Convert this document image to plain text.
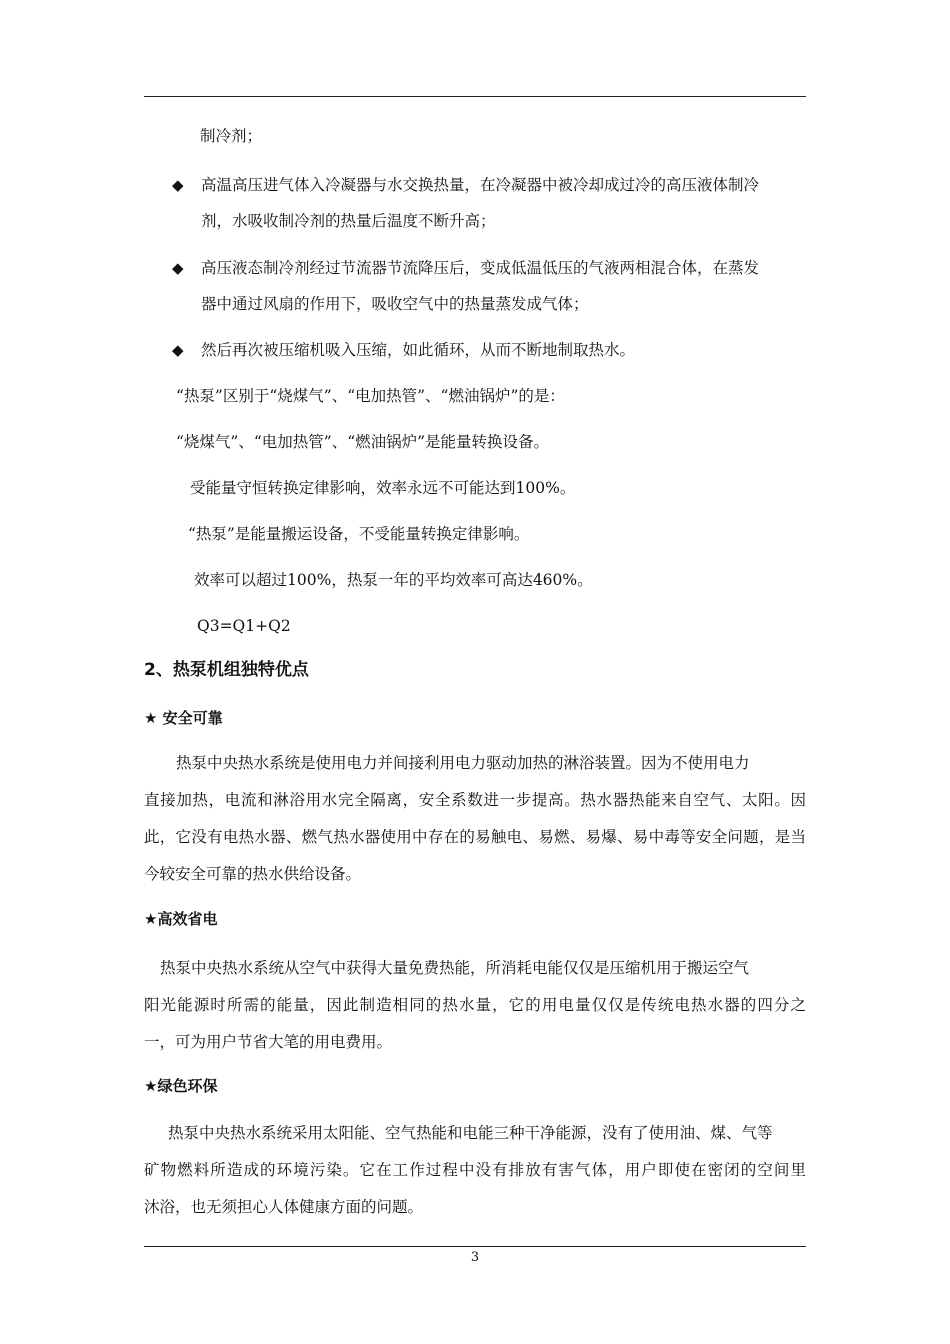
制冷剂；
◆ 高温高压进气体入冷凝器与水交换热量，在冷凝器中被冷却成过冷的高压液体制冷
剂，水吸收制冷剂的热量后温度不断升高；
◆ 高压液态制冷剂经过节流器节流降压后，变成低温低压的气液两相混合体，在蒸发
器中通过风扇的作用下，吸收空气中的热量蒸发成气体；
◆ 然后再次被压缩机吸入压缩，如此循环，从而不断地制取热水。
“热泵”区别于“烧煤气”、“电加热管”、“燃油锅炉”的是：
“烧煤气”、“电加热管”、“燃油锅炉”是能量转换设备。
受能量守恒转换定律影响，效率永远不可能达到100%。
“热泵”是能量搬运设备，不受能量转换定律影响。
效率可以超过100%，热泵一年的平均效率可高达460%。
Q3=Q1+Q2
2、热泵机组独特优点
★ 安全可靠
热泵中央热水系统是使用电力并间接利用电力驱动加热的淋浴装置。因为不使用电力
直接加热，电流和淋浴用水完全隔离，安全系数进一步提高。热水器热能来自空气、太阳。因
此，它没有电热水器、燃气热水器使用中存在的易触电、易燃、易爆、易中毒等安全问题，是当
今较安全可靠的热水供给设备。
★高效省电
热泵中央热水系统从空气中获得大量免费热能，所消耗电能仅仅是压缩机用于搬运空气
阳光能源时所需的能量，因此制造相同的热水量，它的用电量仅仅是传统电热水器的四分之
一，可为用户节省大笔的用电费用。
★绿色环保
热泵中央热水系统采用太阳能、空气热能和电能三种干净能源，没有了使用油、煤、气等
矿物燃料所造成的环境污染。它在工作过程中没有排放有害气体，用户即使在密闭的空间里
沐浴，也无须担心人体健康方面的问题。
3
